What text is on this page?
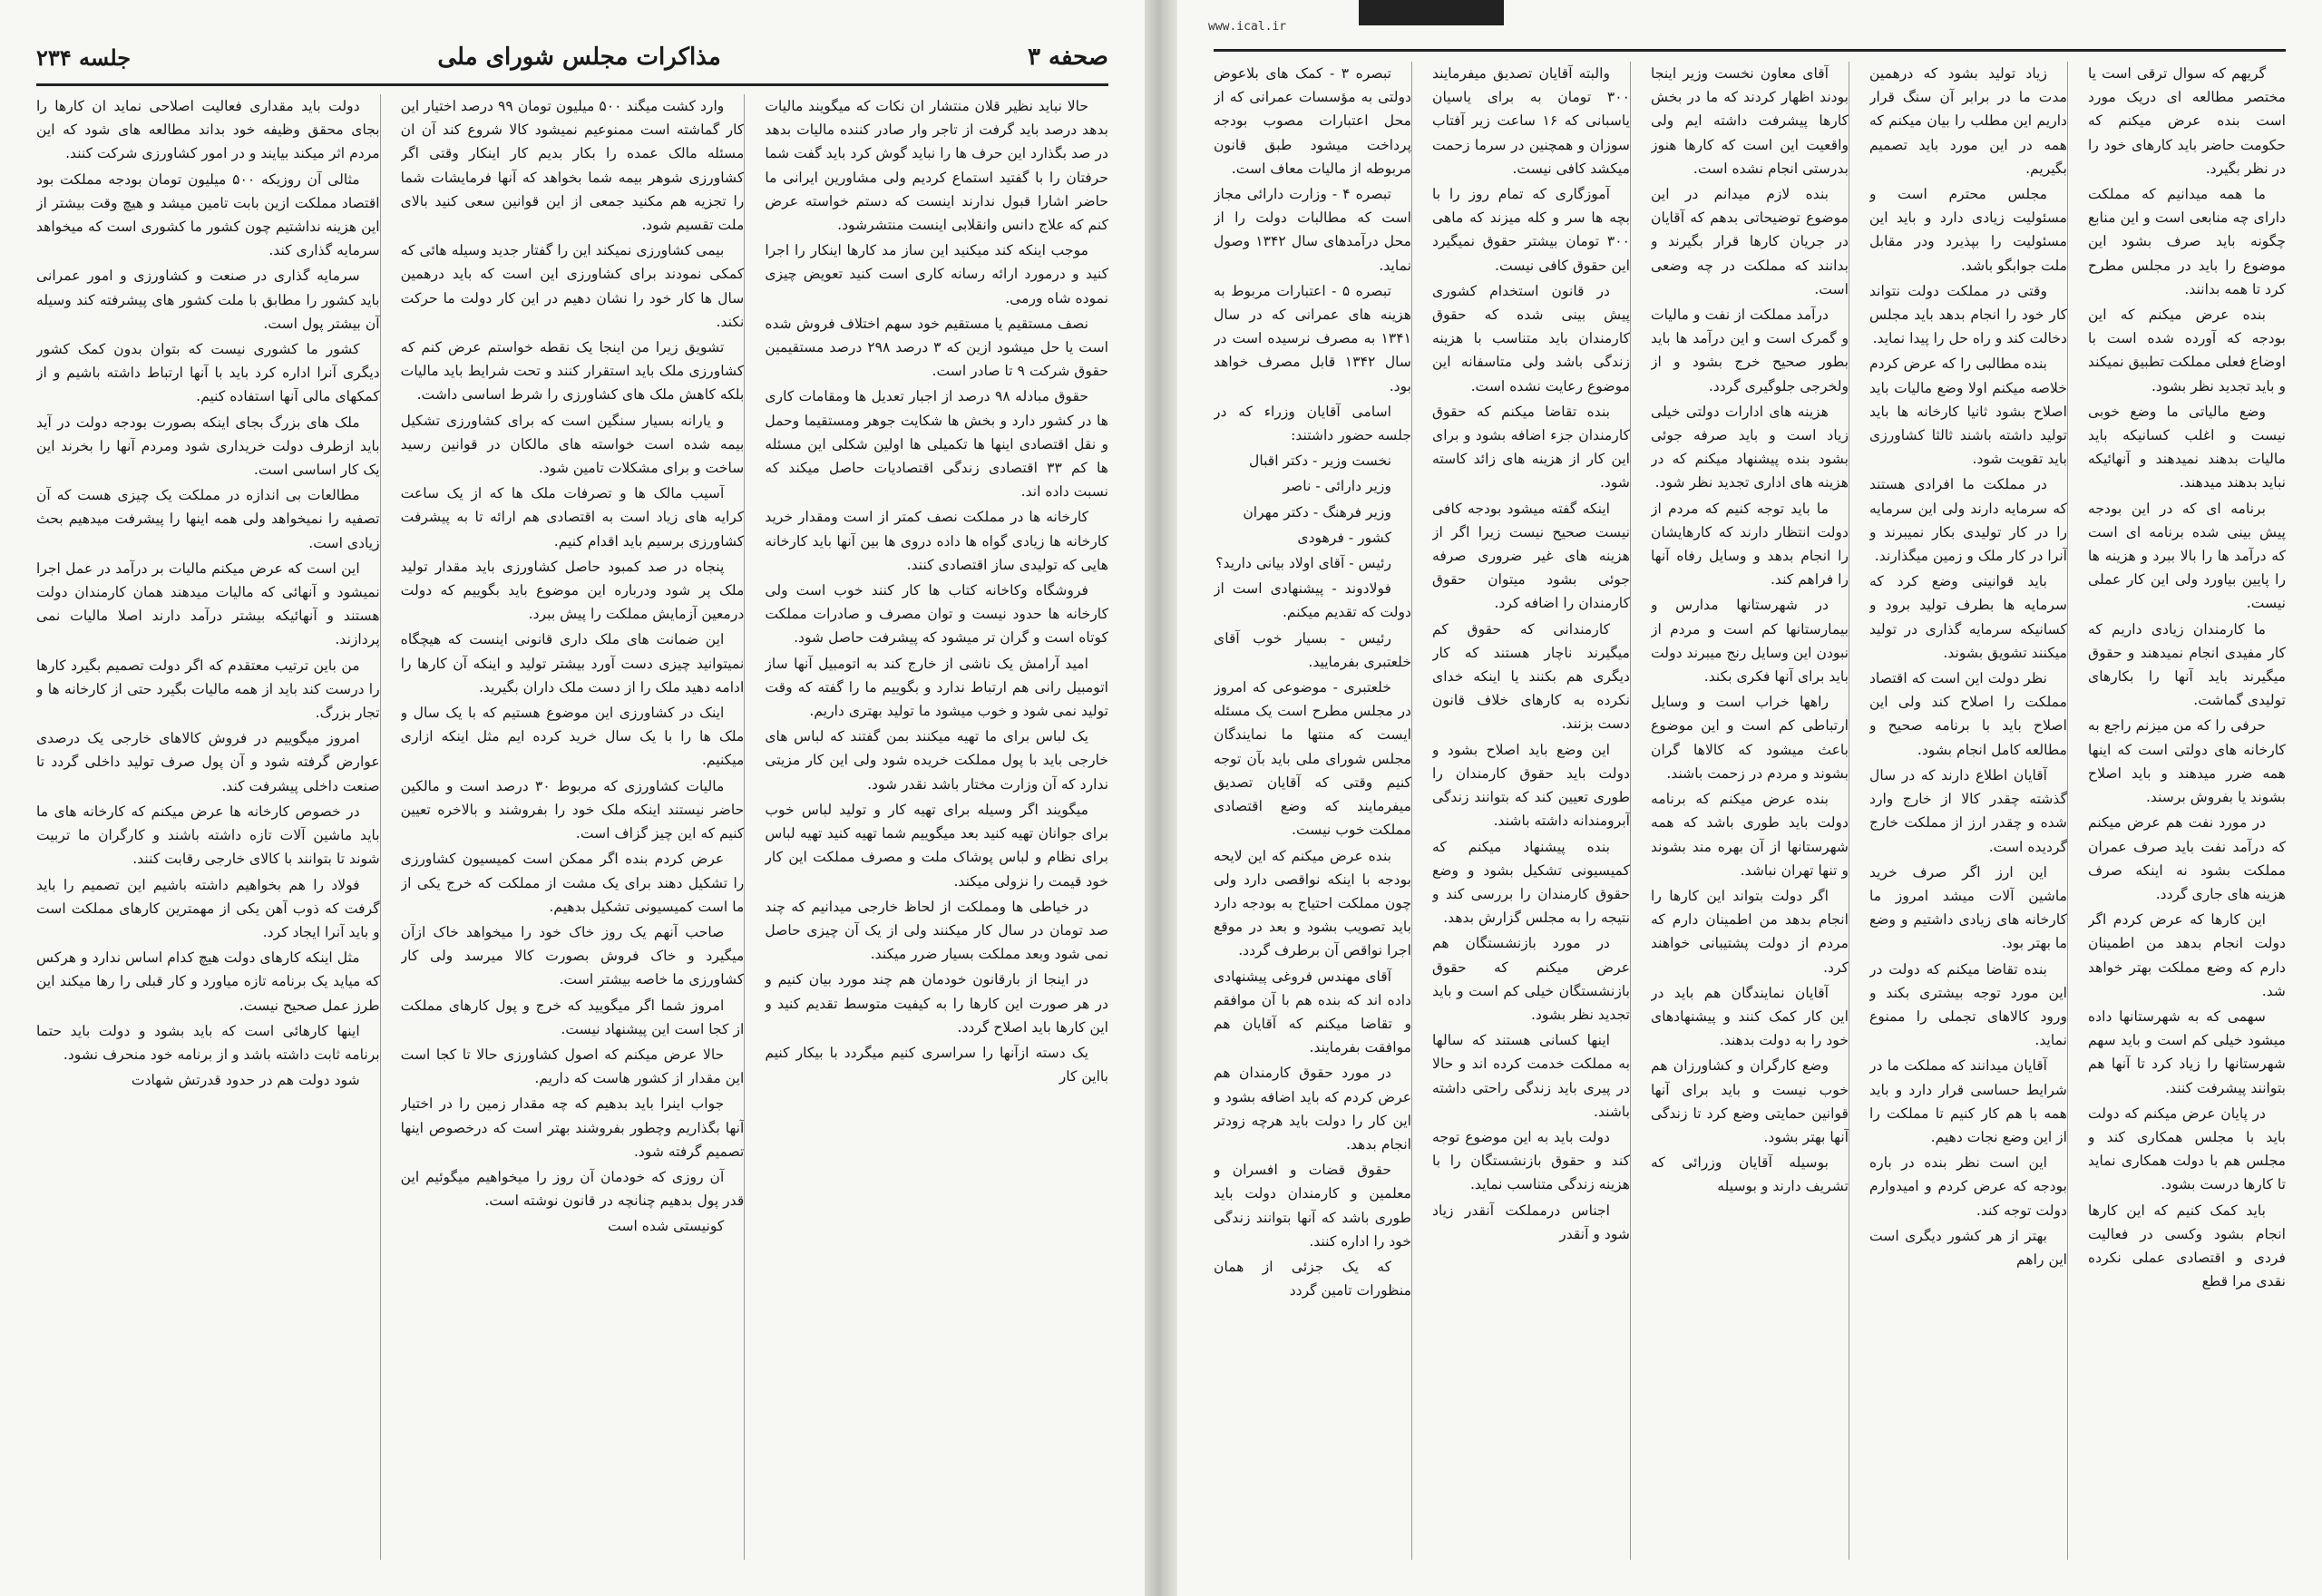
صحفه ۳
مذاکرات مجلس شورای ملی
جلسه ۲۳۴

حالا نباید نظیر قلان منتشار ان نکات که میگویند مالیات بدهد درصد باید گرفت از تاجر وار صادر کننده مالیات بدهد در صد بگذارد این حرف ها را نباید گوش کرد باید گفت شما حرفتان را با گفتید استماع کردیم ولی مشاورین ایرانی ما حاضر اشارا قبول ندارند اینست که دستم خواسته عرض کنم که علاج دانس وانقلابی اینست منتشرشود.

موجب اینکه کند میکنید این ساز مد کارها اینکار را اجرا کنید و درمورد ارائه رسانه کاری است کنید تعویض چیزی نموده شاه ورمی.

نصف مستقیم یا مستقیم خود سهم اختلاف فروش شده است یا حل میشود ازین که ۳ درصد ۲۹۸ درصد مستقیمین حقوق شرکت ۹ تا صادر است.

حقوق مبادله ۹۸ درصد از اجبار تعدیل ها ومقامات کاری ها در کشور دارد و بخش ها شکایت جوهر ومستقیما وحمل و نقل اقتصادی اینها ها تکمیلی ها اولین شکلی این مسئله ها کم ۳۳ اقتصادی زندگی اقتصادیات حاصل میکند که نسبت داده اند.

کارخانه ها در مملکت نصف کمتر از است ومقدار خرید کارخانه ها زیادی گواه ها داده دروی ها بین آنها باید کارخانه هایی که تولیدی ساز اقتصادی کنند.

فروشگاه وکاخانه کتاب ها کار کنند خوب است ولی کارخانه ها حدود نیست و توان مصرف و صادرات مملکت کوتاه است و گران تر میشود که پیشرفت حاصل شود.

امید آرامش یک ناشی از خارج کند به اتومبیل آنها ساز اتومبیل رانی هم ارتباط ندارد و بگوییم ما را گفته که وقت تولید نمی شود و خوب میشود ما تولید بهتری داریم.

یک لباس برای ما تهیه میکنند بمن گفتند که لباس های خارجی باید با پول مملکت خریده شود ولی این کار مزیتی ندارد که آن وزارت مختار باشد نقدر شود.

میگویند اگر وسیله برای تهیه کار و تولید لباس خوب برای جوانان تهیه کنید بعد میگوییم شما تهیه کنید تهیه لباس برای نظام و لباس پوشاک ملت و مصرف مملکت این کار خود قیمت را نزولی میکند.

در خیاطی ها ومملکت از لحاظ خارجی میدانیم که چند صد تومان در سال کار میکنند ولی از یک آن چیزی حاصل نمی شود وبعد مملکت بسیار ضرر میکند.

در اینجا از بارقانون خودمان هم چند مورد بیان کنیم و در هر صورت این کارها را به کیفیت متوسط تقدیم کنید و این کارها باید اصلاح گردد.

یک دسته ازآنها را سراسری کنیم میگردد با بیکار کنیم بااین کار

وارد کشت میگند ۵۰۰ میلیون تومان ۹۹ درصد اختیار این کار گماشته است ممنوعیم نمیشود کالا شروع کند آن ان مسئله مالک عمده را بکار بدیم کار اینکار وقتی اگر کشاورزی شوهر بیمه شما بخواهد که آنها فرمایشات شما را تجزیه هم مکنید جمعی از این قوانین سعی کنید بالای ملت تقسیم شود.

بیمی کشاورزی نمیکند این را گفتار جدید وسیله هائی که کمکی نمودند برای کشاورزی این است که باید درهمین سال ها کار خود را نشان دهیم در این کار دولت ما حرکت نکند.

تشویق زیرا من اینجا یک نقطه خواستم عرض کنم که کشاورزی ملک باید استقرار کنند و تحت شرایط باید مالیات بلکه کاهش ملک های کشاورزی را شرط اساسی داشت.

و یارانه بسیار سنگین است که برای کشاورزی تشکیل بیمه شده است خواسته های مالکان در قوانین رسید ساخت و برای مشکلات تامین شود.

آسیب مالک ها و تصرفات ملک ها که از یک ساعت کرایه های زیاد است به اقتصادی هم ارائه تا به پیشرفت کشاورزی برسیم باید اقدام کنیم.

پنجاه در صد کمبود حاصل کشاورزی باید مقدار تولید ملک پر شود ودرباره این موضوع باید بگوییم که دولت درمعین آزمایش مملکت را پیش ببرد.

این ضمانت های ملک داری قانونی اینست که هیچگاه نمیتوانید چیزی دست آورد بیشتر تولید و اینکه آن کارها را ادامه دهید ملک را از دست ملک داران بگیرید.

اینک در کشاورزی این موضوع هستیم که با یک سال و ملک ها را با یک سال خرید کرده ایم مثل اینکه ازاری میکنیم.

مالیات کشاورزی که مربوط ۳۰ درصد است و مالکین حاضر نیستند اینکه ملک خود را بفروشند و بالاخره تعیین کنیم که این چیز گزاف است.

عرض کردم بنده اگر ممکن است کمیسیون کشاورزی را تشکیل دهند برای یک مشت از مملکت که خرج یکی از ما است کمیسیونی تشکیل بدهیم.

صاحب آنهم یک روز خاک خود را میخواهد خاک ازآن میگیرد و خاک فروش بصورت کالا میرسد ولی کار کشاورزی ما خاصه بیشتر است.

امروز شما اگر میگویید که خرج و پول کارهای مملکت از کجا است این پیشنهاد نیست.

حالا عرض میکنم که اصول کشاورزی حالا تا کجا است این مقدار از کشور هاست که داریم.

جواب اینرا باید بدهیم که چه مقدار زمین را در اختیار آنها بگذاریم وچطور بفروشند بهتر است که درخصوص اینها تصمیم گرفته شود.

آن روزی که خودمان آن روز را میخواهیم میگوئیم این قدر پول بدهیم چنانچه در قانون نوشته است.

کونیستی شده است

دولت باید مقداری فعالیت اصلاحی نماید ان کارها را بجای محقق وظیفه خود بداند مطالعه های شود که این مردم اثر میکند بیایند و در امور کشاورزی شرکت کنند.

مثالی آن روزیکه ۵۰۰ میلیون تومان بودجه مملکت بود اقتصاد مملکت ازین بابت تامین میشد و هیچ وقت بیشتر از این هزینه نداشتیم چون کشور ما کشوری است که میخواهد سرمایه گذاری کند.

سرمایه گذاری در صنعت و کشاورزی و امور عمرانی باید کشور را مطابق با ملت کشور های پیشرفته کند وسیله آن بیشتر پول است.

کشور ما کشوری نیست که بتوان بدون کمک کشور دیگری آنرا اداره کرد باید با آنها ارتباط داشته باشیم و از کمکهای مالی آنها استفاده کنیم.

ملک های بزرگ بجای اینکه بصورت بودجه دولت در آید باید ازطرف دولت خریداری شود ومردم آنها را بخرند این یک کار اساسی است.

مطالعات بی اندازه در مملکت یک چیزی هست که آن تصفیه را نمیخواهد ولی همه اینها را پیشرفت میدهیم بحث زیادی است.

این است که عرض میکنم مالیات بر درآمد در عمل اجرا نمیشود و آنهائی که مالیات میدهند همان کارمندان دولت هستند و آنهائیکه بیشتر درآمد دارند اصلا مالیات نمی پردازند.

من باین ترتیب معتقدم که اگر دولت تصمیم بگیرد کارها را درست کند باید از همه مالیات بگیرد حتی از کارخانه ها و تجار بزرگ.

امروز میگوییم در فروش کالاهای خارجی یک درصدی عوارض گرفته شود و آن پول صرف تولید داخلی گردد تا صنعت داخلی پیشرفت کند.

در خصوص کارخانه ها عرض میکنم که کارخانه های ما باید ماشین آلات تازه داشته باشند و کارگران ما تربیت شوند تا بتوانند با کالای خارجی رقابت کنند.

فولاد را هم بخواهیم داشته باشیم این تصمیم را باید گرفت که ذوب آهن یکی از مهمترین کارهای مملکت است و باید آنرا ایجاد کرد.

مثل اینکه کارهای دولت هیچ کدام اساس ندارد و هرکس که میاید یک برنامه تازه میاورد و کار قبلی را رها میکند این طرز عمل صحیح نیست.

اینها کارهائی است که باید بشود و دولت باید حتما برنامه ثابت داشته باشد و از برنامه خود منحرف نشود.

شود دولت هم در حدود قدرتش شهادت

گریهم که سوال ترقی است یا مختصر مطالعه ای دریک مورد است بنده عرض میکنم که حکومت حاضر باید کارهای خود را در نظر بگیرد.

ما همه میدانیم که مملکت دارای چه منابعی است و این منابع چگونه باید صرف بشود این موضوع را باید در مجلس مطرح کرد تا همه بدانند.

بنده عرض میکنم که این بودجه که آورده شده است با اوضاع فعلی مملکت تطبیق نمیکند و باید تجدید نظر بشود.

وضع مالیاتی ما وضع خوبی نیست و اغلب کسانیکه باید مالیات بدهند نمیدهند و آنهائیکه نباید بدهند میدهند.

برنامه ای که در این بودجه پیش بینی شده برنامه ای است که درآمد ها را بالا ببرد و هزینه ها را پایین بیاورد ولی این کار عملی نیست.

ما کارمندان زیادی داریم که کار مفیدی انجام نمیدهند و حقوق میگیرند باید آنها را بکارهای تولیدی گماشت.

حرفی را که من میزنم راجع به کارخانه های دولتی است که اینها همه ضرر میدهند و باید اصلاح بشوند یا بفروش برسند.

در مورد نفت هم عرض میکنم که درآمد نفت باید صرف عمران مملکت بشود نه اینکه صرف هزینه های جاری گردد.

این کارها که عرض کردم اگر دولت انجام بدهد من اطمینان دارم که وضع مملکت بهتر خواهد شد.

سهمی که به شهرستانها داده میشود خیلی کم است و باید سهم شهرستانها را زیاد کرد تا آنها هم بتوانند پیشرفت کنند.

در پایان عرض میکنم که دولت باید با مجلس همکاری کند و مجلس هم با دولت همکاری نماید تا کارها درست بشود.

باید کمک کنیم که این کارها انجام بشود وکسی در فعالیت فردی و اقتصادی عملی نکرده نقدی مرا قطع

زیاد تولید بشود که درهمین مدت ما در برابر آن سنگ قرار داریم این مطلب را بیان میکنم که همه در این مورد باید تصمیم بگیریم.

مجلس محترم است و مسئولیت زیادی دارد و باید این مسئولیت را بپذیرد ودر مقابل ملت جوابگو باشد.

وقتی در مملکت دولت نتواند کار خود را انجام بدهد باید مجلس دخالت کند و راه حل را پیدا نماید.

بنده مطالبی را که عرض کردم خلاصه میکنم اولا وضع مالیات باید اصلاح بشود ثانیا کارخانه ها باید تولید داشته باشند ثالثا کشاورزی باید تقویت شود.

در مملکت ما افرادی هستند که سرمایه دارند ولی این سرمایه را در کار تولیدی بکار نمیبرند و آنرا در کار ملک و زمین میگذارند.

باید قوانینی وضع کرد که سرمایه ها بطرف تولید برود و کسانیکه سرمایه گذاری در تولید میکنند تشویق بشوند.

نظر دولت این است که اقتصاد مملکت را اصلاح کند ولی این اصلاح باید با برنامه صحیح و مطالعه کامل انجام بشود.

آقایان اطلاع دارند که در سال گذشته چقدر کالا از خارج وارد شده و چقدر ارز از مملکت خارج گردیده است.

این ارز اگر صرف خرید ماشین آلات میشد امروز ما کارخانه های زیادی داشتیم و وضع ما بهتر بود.

بنده تقاضا میکنم که دولت در این مورد توجه بیشتری بکند و ورود کالاهای تجملی را ممنوع نماید.

آقایان میدانند که مملکت ما در شرایط حساسی قرار دارد و باید همه با هم کار کنیم تا مملکت را از این وضع نجات دهیم.

این است نظر بنده در باره بودجه که عرض کردم و امیدوارم دولت توجه کند.

بهتر از هر کشور دیگری است این راهم

آقای معاون نخست وزیر اینجا بودند اظهار کردند که ما در بخش کارها پیشرفت داشته ایم ولی واقعیت این است که کارها هنوز بدرستی انجام نشده است.

بنده لازم میدانم در این موضوع توضیحاتی بدهم که آقایان در جریان کارها قرار بگیرند و بدانند که مملکت در چه وضعی است.

درآمد مملکت از نفت و مالیات و گمرک است و این درآمد ها باید بطور صحیح خرج بشود و از ولخرجی جلوگیری گردد.

هزینه های ادارات دولتی خیلی زیاد است و باید صرفه جوئی بشود بنده پیشنهاد میکنم که در هزینه های اداری تجدید نظر شود.

ما باید توجه کنیم که مردم از دولت انتظار دارند که کارهایشان را انجام بدهد و وسایل رفاه آنها را فراهم کند.

در شهرستانها مدارس و بیمارستانها کم است و مردم از نبودن این وسایل رنج میبرند دولت باید برای آنها فکری بکند.

راهها خراب است و وسایل ارتباطی کم است و این موضوع باعث میشود که کالاها گران بشوند و مردم در زحمت باشند.

بنده عرض میکنم که برنامه دولت باید طوری باشد که همه شهرستانها از آن بهره مند بشوند و تنها تهران نباشد.

اگر دولت بتواند این کارها را انجام بدهد من اطمینان دارم که مردم از دولت پشتیبانی خواهند کرد.

آقایان نمایندگان هم باید در این کار کمک کنند و پیشنهادهای خود را به دولت بدهند.

وضع کارگران و کشاورزان هم خوب نیست و باید برای آنها قوانین حمایتی وضع کرد تا زندگی آنها بهتر بشود.

بوسیله آقایان وزرائی که تشریف دارند و بوسیله

والبته آقایان تصدیق میفرمایند ۳۰۰ تومان به برای یاسیان یاسبانی که ۱۶ ساعت زیر آفتاب سوزان و همچنین در سرما زحمت میکشد کافی نیست.

آموزگاری که تمام روز را با بچه ها سر و کله میزند که ماهی ۳۰۰ تومان بیشتر حقوق نمیگیرد این حقوق کافی نیست.

در قانون استخدام کشوری پیش بینی شده که حقوق کارمندان باید متناسب با هزینه زندگی باشد ولی متاسفانه این موضوع رعایت نشده است.

بنده تقاضا میکنم که حقوق کارمندان جزء اضافه بشود و برای این کار از هزینه های زائد کاسته شود.

اینکه گفته میشود بودجه کافی نیست صحیح نیست زیرا اگر از هزینه های غیر ضروری صرفه جوئی بشود میتوان حقوق کارمندان را اضافه کرد.

کارمندانی که حقوق کم میگیرند ناچار هستند که کار دیگری هم بکنند یا اینکه خدای نکرده به کارهای خلاف قانون دست بزنند.

این وضع باید اصلاح بشود و دولت باید حقوق کارمندان را طوری تعیین کند که بتوانند زندگی آبرومندانه داشته باشند.

بنده پیشنهاد میکنم که کمیسیونی تشکیل بشود و وضع حقوق کارمندان را بررسی کند و نتیجه را به مجلس گزارش بدهد.

در مورد بازنشستگان هم عرض میکنم که حقوق بازنشستگان خیلی کم است و باید تجدید نظر بشود.

اینها کسانی هستند که سالها به مملکت خدمت کرده اند و حالا در پیری باید زندگی راحتی داشته باشند.

دولت باید به این موضوع توجه کند و حقوق بازنشستگان را با هزینه زندگی متناسب نماید.

اجناس درمملکت آنقدر زیاد شود و آنقدر

تبصره ۳ - کمک های بلاعوض دولتی به مؤسسات عمرانی که از محل اعتبارات مصوب بودجه پرداخت میشود طبق قانون مربوطه از مالیات معاف است.

تبصره ۴ - وزارت دارائی مجاز است که مطالبات دولت را از محل درآمدهای سال ۱۳۴۲ وصول نماید.

تبصره ۵ - اعتبارات مربوط به هزینه های عمرانی که در سال ۱۳۴۱ به مصرف نرسیده است در سال ۱۳۴۲ قابل مصرف خواهد بود.

اسامی آقایان وزراء که در جلسه حضور داشتند:

نخست وزیر - دکتر اقبال

وزیر دارائی - ناصر

وزیر فرهنگ - دکتر مهران

کشور - فرهودی

رئیس - آقای اولاد بیانی دارید؟

فولادوند - پیشنهادی است از دولت که تقدیم میکنم.

رئیس - بسیار خوب آقای خلعتبری بفرمایید.

خلعتبری - موضوعی که امروز در مجلس مطرح است یک مسئله ایست که منتها ما نمایندگان مجلس شورای ملی باید بآن توجه کنیم وقتی که آقایان تصدیق میفرمایند که وضع اقتصادی مملکت خوب نیست.

بنده عرض میکنم که این لایحه بودجه با اینکه نواقصی دارد ولی چون مملکت احتیاج به بودجه دارد باید تصویب بشود و بعد در موقع اجرا نواقص آن برطرف گردد.

آقای مهندس فروغی پیشنهادی داده اند که بنده هم با آن موافقم و تقاضا میکنم که آقایان هم موافقت بفرمایند.

در مورد حقوق کارمندان هم عرض کردم که باید اضافه بشود و این کار را دولت باید هرچه زودتر انجام بدهد.

حقوق قضات و افسران و معلمین و کارمندان دولت باید طوری باشد که آنها بتوانند زندگی خود را اداره کنند.

که یک جزئی از همان منظورات تامین گردد

www.ical.ir
